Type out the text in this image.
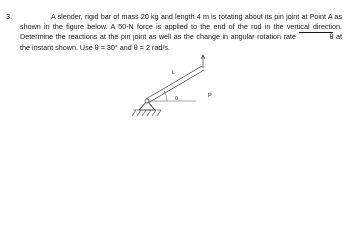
3.	A slender, rigid bar of mass 20 kg and length 4 m is rotating about its pin joint at Point A as shown in the figure below. A 50-N force is applied to the end of the rod in the vertical direction. Determine the reactions at the pin joint as well as the change in angular rotation rate	θ at the instant shown. Use θ = 30° and θ = 2 rad/s.
L
θ	P
